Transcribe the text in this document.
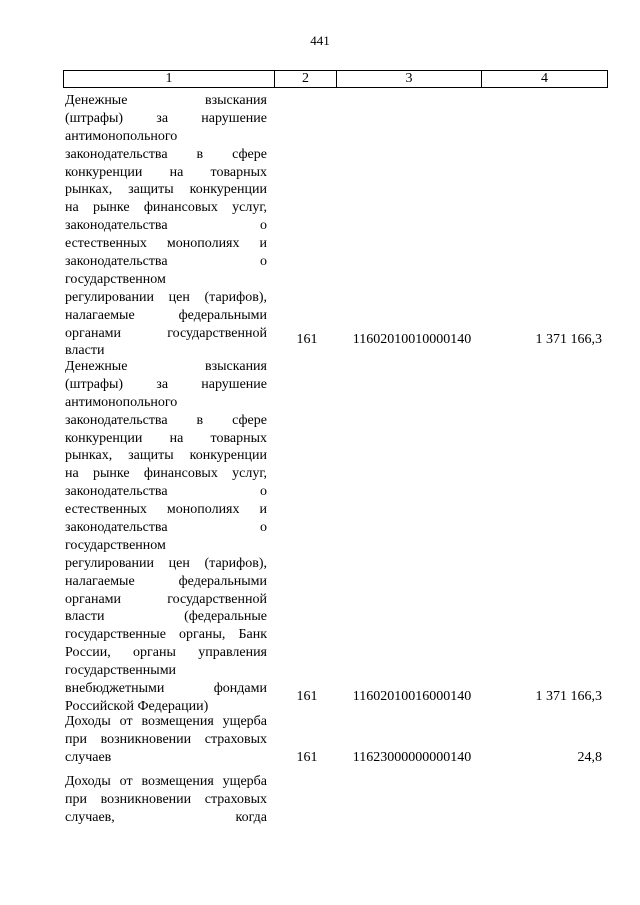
441
1	2	3	4
Денежные взыскания
(штрафы) за нарушение
антимонопольного
законодательства в сфере
конкуренции на товарных
рынках, защиты конкуренции
на рынке финансовых услуг,
законодательства о
естественных монополиях и
законодательства о
государственном
регулировании цен (тарифов),
налагаемые федеральными
органами государственной
власти
161	11602010010000140	1 371 166,3
Денежные взыскания
(штрафы) за нарушение
антимонопольного
законодательства в сфере
конкуренции на товарных
рынках, защиты конкуренции
на рынке финансовых услуг,
законодательства о
естественных монополиях и
законодательства о
государственном
регулировании цен (тарифов),
налагаемые федеральными
органами государственной
власти (федеральные
государственные органы, Банк
России, органы управления
государственными
внебюджетными фондами
Российской Федерации)
161	11602010016000140	1 371 166,3
Доходы от возмещения ущерба
при возникновении страховых
случаев	161	11623000000000140	24,8
Доходы от возмещения ущерба
при возникновении страховых
случаев, когда
